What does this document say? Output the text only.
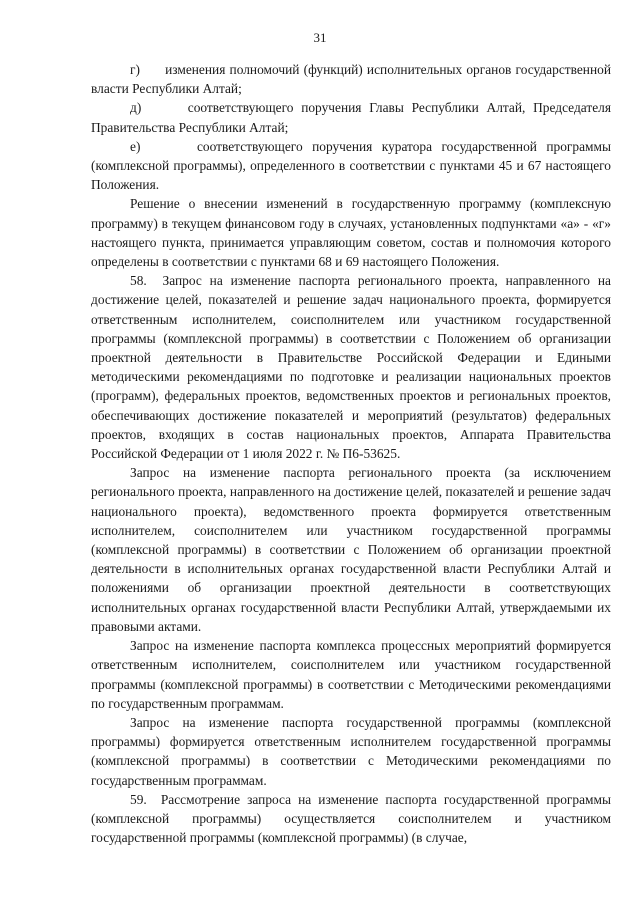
31

г)      изменения полномочий (функций) исполнительных органов государственной власти Республики Алтай;

д)      соответствующего поручения Главы Республики Алтай, Председателя Правительства Республики Алтай;

е)      соответствующего поручения куратора государственной программы (комплексной программы), определенного в соответствии с пунктами 45 и 67 настоящего Положения.

Решение о внесении изменений в государственную программу (комплексную программу) в текущем финансовом году в случаях, установленных подпунктами «а» - «г» настоящего пункта, принимается управляющим советом, состав и полномочия которого определены в соответствии с пунктами 68 и 69 настоящего Положения.

58.  Запрос на изменение паспорта регионального проекта, направленного на достижение целей, показателей и решение задач национального проекта, формируется ответственным исполнителем, соисполнителем или участником государственной программы (комплексной программы) в соответствии с Положением об организации проектной деятельности в Правительстве Российской Федерации и Едиными методическими рекомендациями по подготовке и реализации национальных проектов (программ), федеральных проектов, ведомственных проектов и региональных проектов, обеспечивающих достижение показателей и мероприятий (результатов) федеральных проектов, входящих в состав национальных проектов, Аппарата Правительства Российской Федерации от 1 июля 2022 г. № П6-53625.

Запрос на изменение паспорта регионального проекта (за исключением регионального проекта, направленного на достижение целей, показателей и решение задач национального проекта), ведомственного проекта формируется ответственным исполнителем, соисполнителем или участником государственной программы (комплексной программы) в соответствии с Положением об организации проектной деятельности в исполнительных органах государственной власти Республики Алтай и положениями об организации проектной деятельности в соответствующих исполнительных органах государственной власти Республики Алтай, утверждаемыми их правовыми актами.

Запрос на изменение паспорта комплекса процессных мероприятий формируется ответственным исполнителем, соисполнителем или участником государственной программы (комплексной программы) в соответствии с Методическими рекомендациями по государственным программам.

Запрос на изменение паспорта государственной программы (комплексной программы) формируется ответственным исполнителем государственной программы (комплексной программы) в соответствии с Методическими рекомендациями по государственным программам.

59.  Рассмотрение запроса на изменение паспорта государственной программы (комплексной программы) осуществляется соисполнителем и участником государственной программы (комплексной программы) (в случае,
